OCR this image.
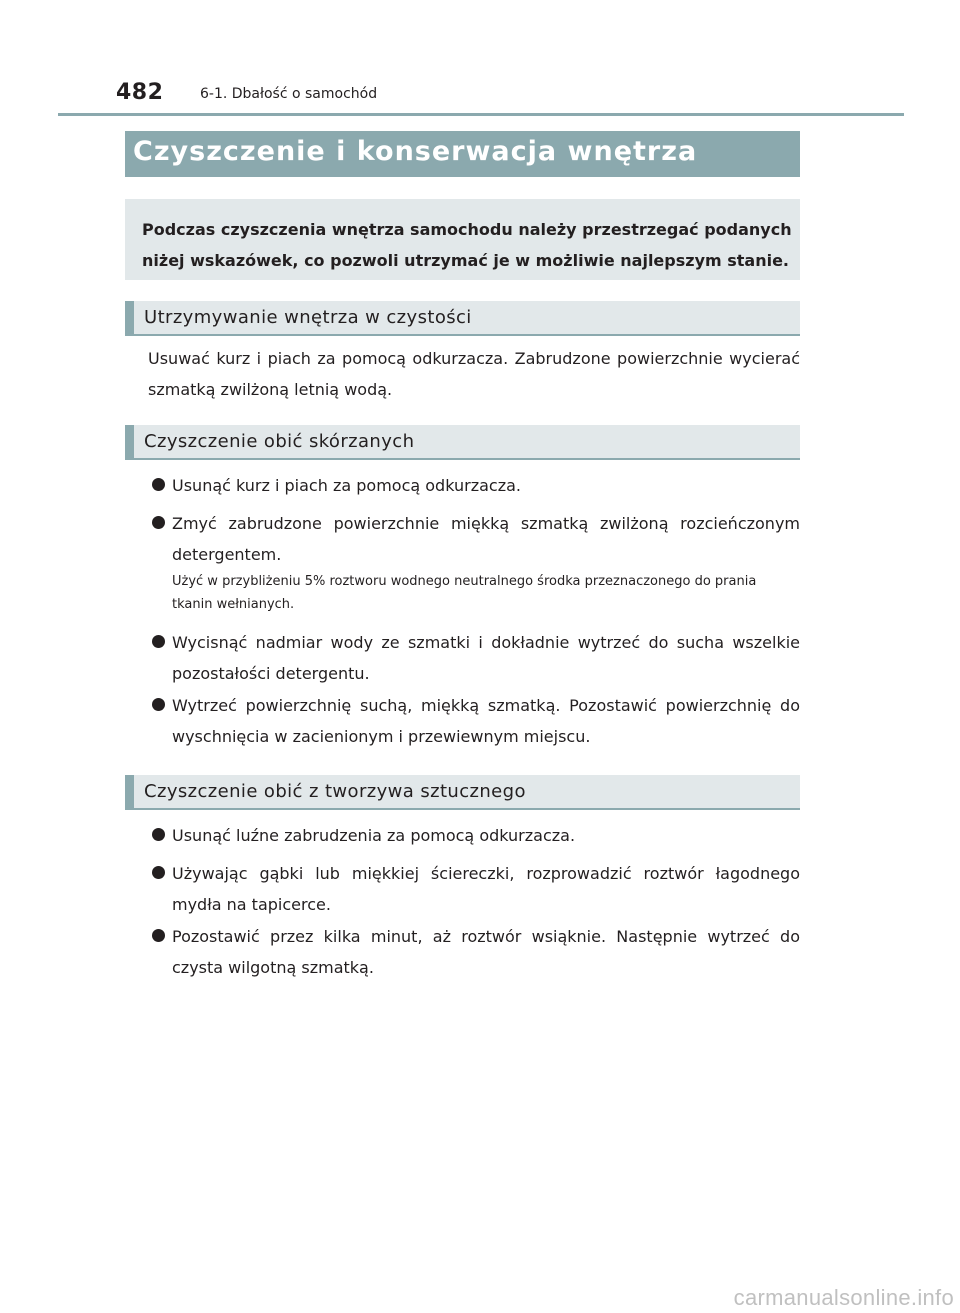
482	6-1. Dbałość o samochód
Czyszczenie i konserwacja wnętrza
Podczas czyszczenia wnętrza samochodu należy przestrzegać podanych niżej wskazówek, co pozwoli utrzymać je w możliwie najlepszym stanie.
Utrzymywanie wnętrza w czystości
Usuwać kurz i piach za pomocą odkurzacza. Zabrudzone powierzchnie wycierać szmatką zwilżoną letnią wodą.
Czyszczenie obić skórzanych
Usunąć kurz i piach za pomocą odkurzacza.
Zmyć zabrudzone powierzchnie miękką szmatką zwilżoną rozcieńczonym detergentem.
Użyć w przybliżeniu 5% roztworu wodnego neutralnego środka przeznaczonego do prania tkanin wełnianych.
Wycisnąć nadmiar wody ze szmatki i dokładnie wytrzeć do sucha wszelkie pozostałości detergentu.
Wytrzeć powierzchnię suchą, miękką szmatką. Pozostawić powierzchnię do wyschnięcia w zacienionym i przewiewnym miejscu.
Czyszczenie obić z tworzywa sztucznego
Usunąć luźne zabrudzenia za pomocą odkurzacza.
Używając gąbki lub miękkiej ściereczki, rozprowadzić roztwór łagodnego mydła na tapicerce.
Pozostawić przez kilka minut, aż roztwór wsiąknie. Następnie wytrzeć do czysta wilgotną szmatką.
carmanualsonline.info
